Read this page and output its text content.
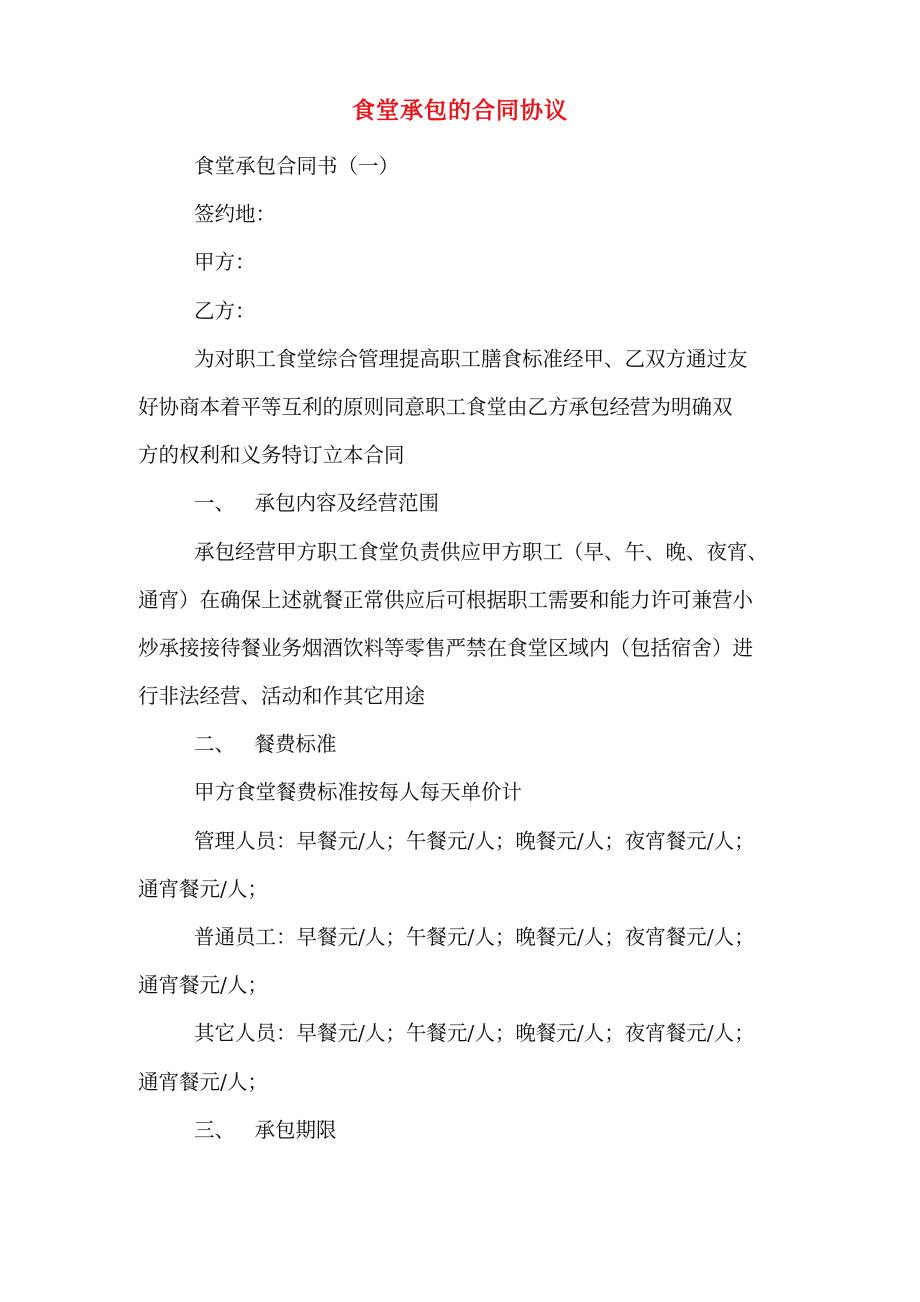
食堂承包的合同协议
食堂承包合同书（一）
签约地：
甲方：
乙方：
为对职工食堂综合管理提高职工膳食标准经甲、乙双方通过友
好协商本着平等互利的原则同意职工食堂由乙方承包经营为明确双
方的权利和义务特订立本合同
一、   承包内容及经营范围
承包经营甲方职工食堂负责供应甲方职工（早、午、晚、夜宵、
通宵）在确保上述就餐正常供应后可根据职工需要和能力许可兼营小
炒承接接待餐业务烟酒饮料等零售严禁在食堂区域内（包括宿舍）进
行非法经营、活动和作其它用途
二、   餐费标准
甲方食堂餐费标准按每人每天单价计
管理人员：早餐元/人；午餐元/人；晚餐元/人；夜宵餐元/人；
通宵餐元/人；
普通员工：早餐元/人；午餐元/人；晚餐元/人；夜宵餐元/人；
通宵餐元/人；
其它人员：早餐元/人；午餐元/人；晚餐元/人；夜宵餐元/人；
通宵餐元/人；
三、   承包期限
